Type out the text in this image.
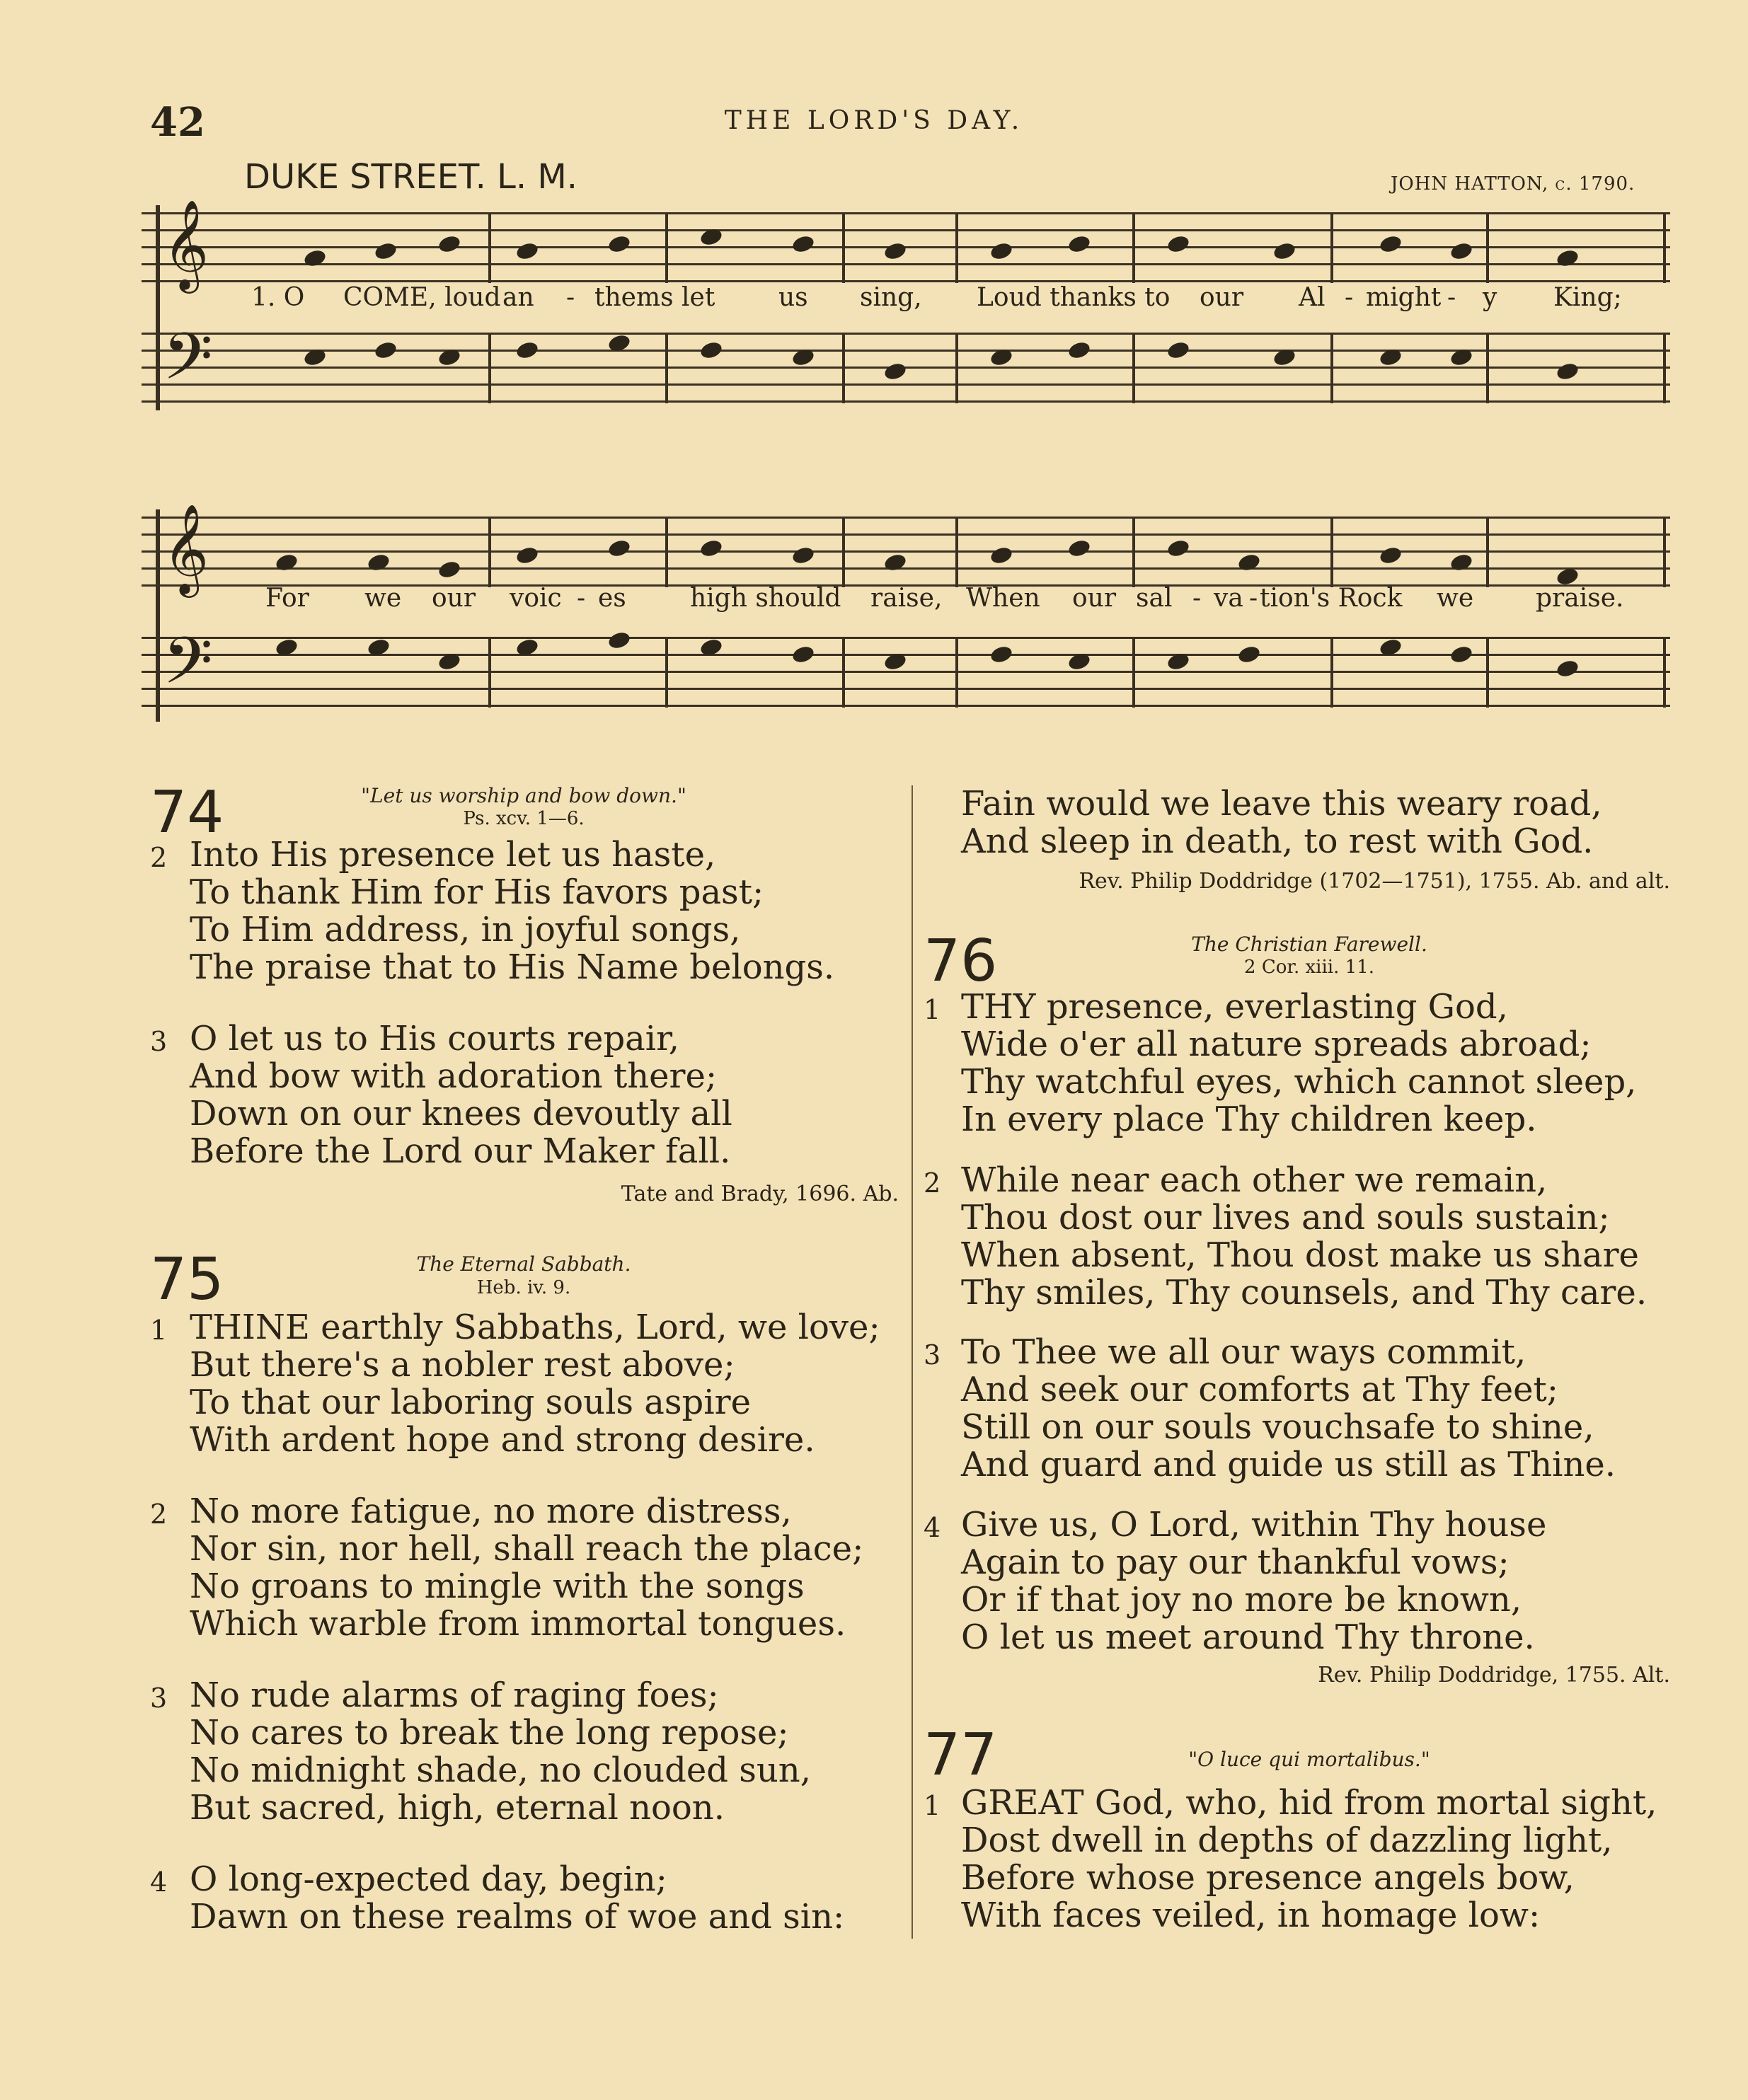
42	THE LORD'S DAY.
DUKE STREET. L. M.	JOHN HATTON, c. 1790.
𝄞
𝄢
1. O COME, loud an - thems let us sing, Loud thanks to our Al - might - y King;
𝄞
𝄢
For we our voic - es	high should raise, When our sal - va - tion's Rock we praise.
74	"Let us worship and bow down."
Ps. xcv. 1—6.
2 Into His presence let us haste,
To thank Him for His favors past;
To Him address, in joyful songs,
The praise that to His Name belongs.
3 O let us to His courts repair,
And bow with adoration there;
Down on our knees devoutly all
Before the Lord our Maker fall.
Tate and Brady, 1696. Ab.
75	The Eternal Sabbath.
Heb. iv. 9.
1 THINE earthly Sabbaths, Lord, we love;
But there's a nobler rest above;
To that our laboring souls aspire
With ardent hope and strong desire.
2 No more fatigue, no more distress,
Nor sin, nor hell, shall reach the place;
No groans to mingle with the songs
Which warble from immortal tongues.
3 No rude alarms of raging foes;
No cares to break the long repose;
No midnight shade, no clouded sun,
But sacred, high, eternal noon.
4 O long-expected day, begin;
Dawn on these realms of woe and sin:
Fain would we leave this weary road,
And sleep in death, to rest with God.
Rev. Philip Doddridge (1702—1751), 1755. Ab. and alt.
76	The Christian Farewell.
2 Cor. xiii. 11.
1 THY presence, everlasting God,
Wide o'er all nature spreads abroad;
Thy watchful eyes, which cannot sleep,
In every place Thy children keep.
2 While near each other we remain,
Thou dost our lives and souls sustain;
When absent, Thou dost make us share
Thy smiles, Thy counsels, and Thy care.
3 To Thee we all our ways commit,
And seek our comforts at Thy feet;
Still on our souls vouchsafe to shine,
And guard and guide us still as Thine.
4 Give us, O Lord, within Thy house
Again to pay our thankful vows;
Or if that joy no more be known,
O let us meet around Thy throne.
Rev. Philip Doddridge, 1755. Alt.
77	"O luce qui mortalibus."
1 GREAT God, who, hid from mortal sight,
Dost dwell in depths of dazzling light,
Before whose presence angels bow,
With faces veiled, in homage low:
